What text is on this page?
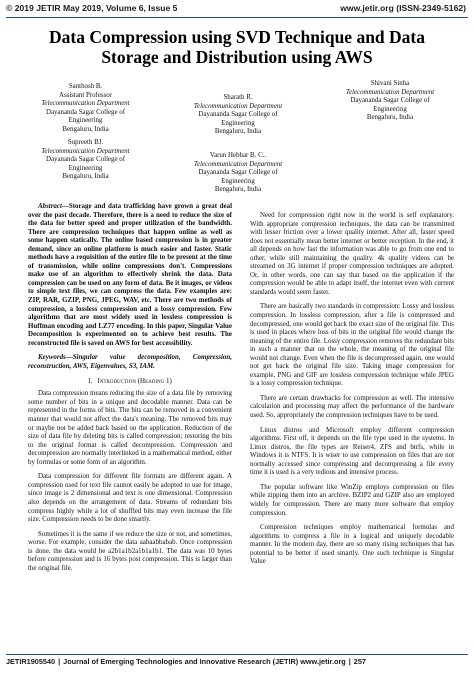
© 2019 JETIR May 2019, Volume 6, Issue 5	www.jetir.org (ISSN-2349-5162)
Data Compression using SVD Technique and Data
Storage and Distribution using AWS
Santhosh B.
Assistant Professor
Telecommunication Department
Dayananda Sagar College of
Engineering
Bengaluru, India
Supreeth BJ.
Telecommunication Department
Dayananda Sagar College of
Engineering
Bengaluru, India
Sharath R.
Telecommunication Department
Dayananda Sagar College of
Engineering
Bengaluru, India
Varun Hebbar B. C..
Telecommunication Department
Dayananda Sagar College of
Engineering
Bengaluru, India
Shivani Sinha
Telecommunication Department
Dayananda Sagar College of
Engineering
Bengaluru, India

Abstract—Storage and data trafficking have grown a great deal over the past decade. Therefore, there is a need to reduce the size of the data for better speed and proper utilization of the bandwidth. There are compression techniques that happen online as well as some happen statically. The online based compression is in greater demand, since an online platform is much easier and faster. Static methods have a requisition of the entire file to be present at the time of transmission, while online compressions don't. Compressions make use of an algorithm to effectively shrink the data. Data compression can be used on any form of data. Be it images, or videos to simple text files, we can compress the data. Few examples are: ZIP, RAR, GZIP, PNG, JPEG, WAV, etc. There are two methods of compression, a lossless compression and a lossy compression. Few algorithms that are most widely used in lossless compression is Huffman encoding and LZ77 encoding. In this paper, Singular Value Decomposition is experimented on to achieve best results. The reconstructed file is saved on AWS for best accessibility.

Keywords—Singular value decomposition, Compression, reconstruction, AWS, Eigenvalues, S3, IAM.

I. Introduction (Heading 1)

Data compression means reducing the size of a data file by removing some number of bits in a unique and decodable manner. Data can be represented in the forms of bits. The bits can be removed in a convenient manner that would not affect the data's meaning. The removed bits may or maybe not be added back based on the application. Reduction of the size of data file by deleting bits is called compression; restoring the bits to the original format is called decompression. Compression and decompression are normally interlinked in a mathematical method, either by formulas or some form of an algorithm.

Data compression for different file formats are different again. A compression used for text file cannot easily be adopted to use for image, since image is 2 dimensional and text is one dimensional. Compression also depends on the arrangement of data. Streams of redundant bits compress highly while a lot of shuffled bits may even increase the file size. Compression needs to be done smartly.

Sometimes it is the same if we reduce the size or not, and sometimes, worse. For example, consider the data aabaabbabab. Once compression is done, the data would be a2b1a1b2a1b1a1b1. The data was 10 bytes before compression and is 16 bytes post compression. This is larger than the original file.

Need for compression right now in the world is self explanatory. With appropriate compression techniques, the data can be transmitted with lesser friction over a lower quality internet. After all, faster speed does not essentially mean better internet or better reception. In the end, it all depends on how fast the information was able to go from one end to other, while still maintaining the quality. 4k quality videos can be streamed on 3G internet if proper compression techniques are adopted. Or, in other words, one can say that based on the application if the compression would be able to adapt itself, the internet even with current standards would seem faster.

There are basically two standards in compression: Lossy and lossless compression. In lossless compression, after a file is compressed and decompressed, one would get back the exact size of the original file. This is used in places where loss of bits in the original file would change the meaning of the entire file. Lossy compression removes the redundant bits in such a manner that on the whole, the meaning of the original file would not change. Even when the file is decompressed again, one would not get back the original file size. Taking image compression for example, PNG and GIF are lossless compression technique while JPEG is a lossy compression technique.

There are certain drawbacks for compression as well. The intensive calculation and processing may affect the performance of the hardware used. So, appropriately the compression techniques have to be used.

Linux distros and Microsoft employ different compression algorithms. First off, it depends on the file type used in the systems. In Linux distros, the file types are Reiser4, ZFS and btrfs, while in Windows it is NTFS. It is wiser to use compression on files that are not normally accessed since compressing and decompressing a file every time it is used is a very tedious and intensive process.

The popular software like WinZip employs compression on files while zipping them into an archive. BZIP2 and GZIP also are employed widely for compression. There are many more software that employ compression.

Compression techniques employ mathematical formulas and algorithms to compress a file in a logical and uniquely decodable manner. In the modern day, there are so many rising techniques that has potential to be better if used smartly. One such technique is Singular Value

JETIR1905540 | Journal of Emerging Technologies and Innovative Research (JETIR) www.jetir.org | 257
